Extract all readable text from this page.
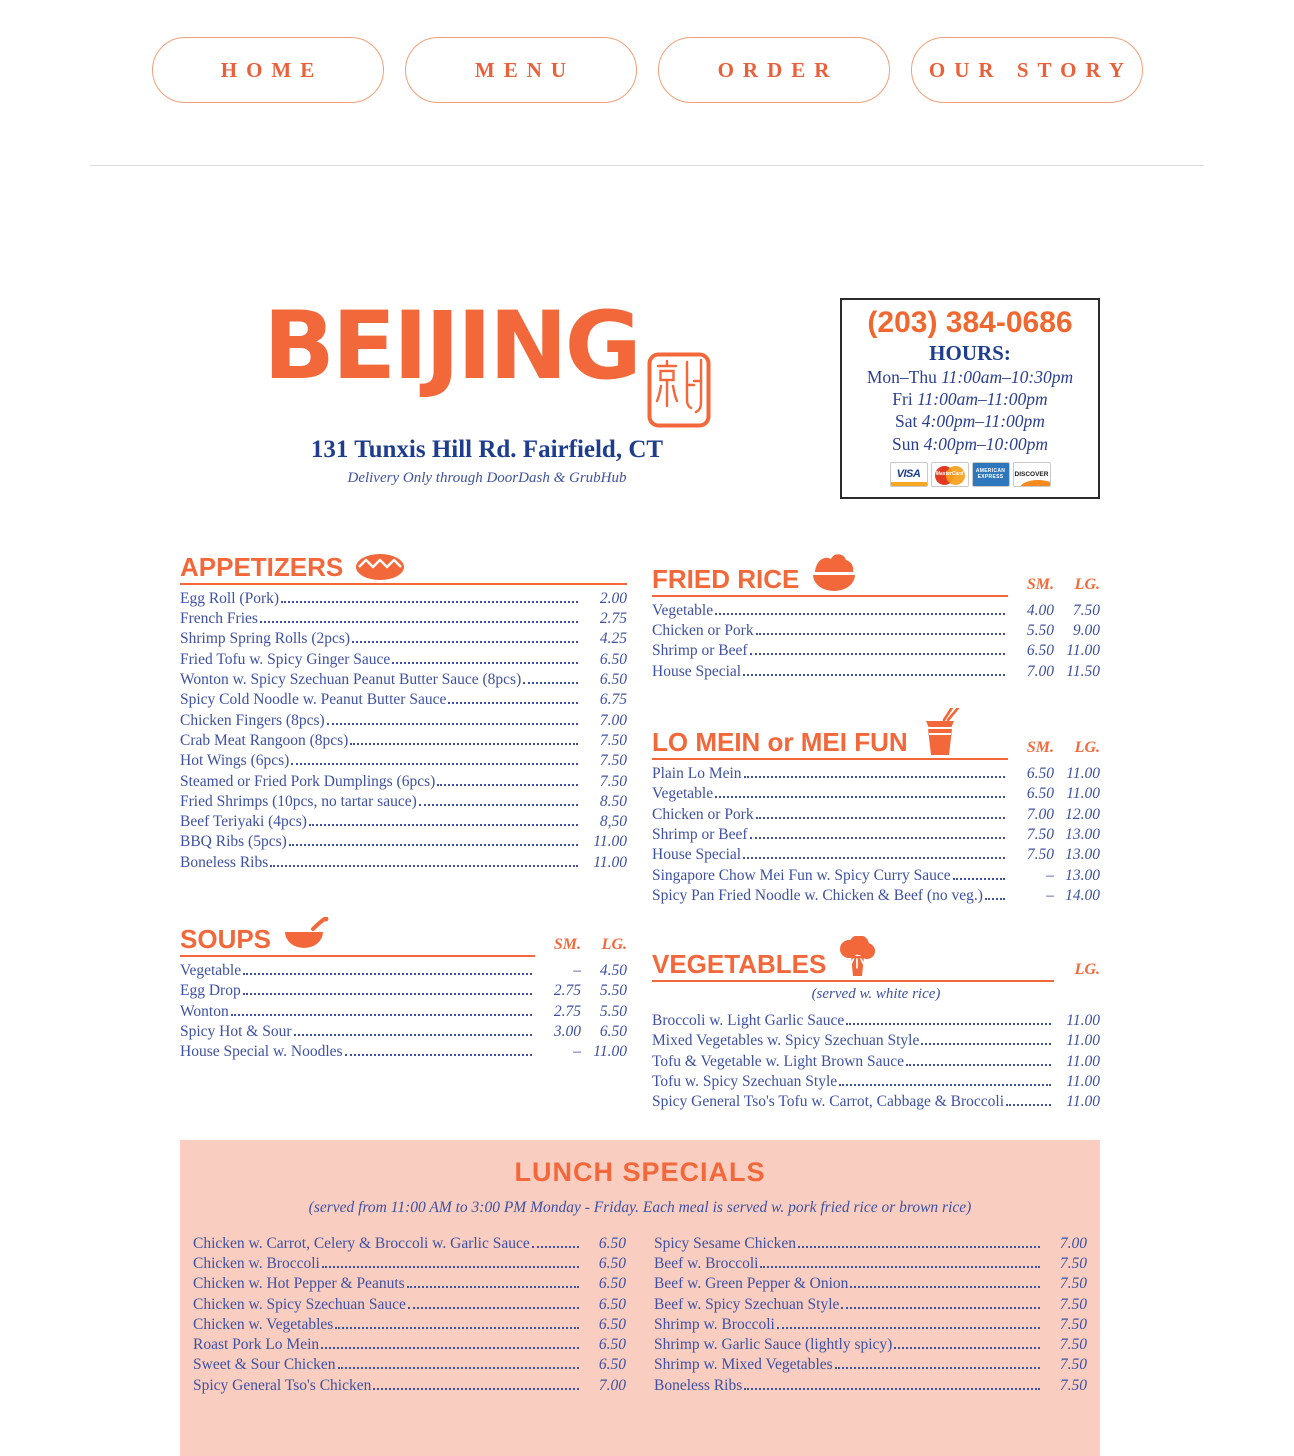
HOME	MENU	ORDER	OUR STORY
BEIJING
131 Tunxis Hill Rd. Fairfield, CT
Delivery Only through DoorDash & GrubHub
(203) 384-0686
HOURS:
Mon–Thu 11:00am–10:30pm
Fri 11:00am–11:00pm
Sat 4:00pm–11:00pm
Sun 4:00pm–10:00pm
VISA	MasterCard	AMERICAN EXPRESS	DISCOVER
APPETIZERS
Egg Roll (Pork)	2.00
French Fries	2.75
Shrimp Spring Rolls (2pcs)	4.25
Fried Tofu w. Spicy Ginger Sauce	6.50
Wonton w. Spicy Szechuan Peanut Butter Sauce (8pcs)	6.50
Spicy Cold Noodle w. Peanut Butter Sauce	6.75
Chicken Fingers (8pcs)	7.00
Crab Meat Rangoon (8pcs)	7.50
Hot Wings (6pcs)	7.50
Steamed or Fried Pork Dumplings (6pcs)	7.50
Fried Shrimps (10pcs, no tartar sauce)	8.50
Beef Teriyaki (4pcs)	8,50
BBQ Ribs (5pcs)	11.00
Boneless Ribs	11.00
SOUPS	SM.	LG.
Vegetable	–	4.50
Egg Drop	2.75	5.50
Wonton	2.75	5.50
Spicy Hot & Sour	3.00	6.50
House Special w. Noodles	– 11.00
FRIED RICE	SM.	LG.
Vegetable	4.00	7.50
Chicken or Pork	5.50	9.00
Shrimp or Beef	6.50 11.00
House Special	7.00 11.50
LO MEIN or MEI FUN	SM.	LG.
Plain Lo Mein	6.50 11.00
Vegetable	6.50 11.00
Chicken or Pork	7.00 12.00
Shrimp or Beef	7.50 13.00
House Special	7.50 13.00
Singapore Chow Mei Fun w. Spicy Curry Sauce	– 13.00
Spicy Pan Fried Noodle w. Chicken & Beef (no veg.)	– 14.00
VEGETABLES	LG.
(served w. white rice)
Broccoli w. Light Garlic Sauce	11.00
Mixed Vegetables w. Spicy Szechuan Style	11.00
Tofu & Vegetable w. Light Brown Sauce	11.00
Tofu w. Spicy Szechuan Style	11.00
Spicy General Tso's Tofu w. Carrot, Cabbage & Broccoli	11.00
LUNCH SPECIALS
(served from 11:00 AM to 3:00 PM Monday - Friday. Each meal is served w. pork fried rice or brown rice)
Chicken w. Carrot, Celery & Broccoli w. Garlic Sauce	6.50
Chicken w. Broccoli	6.50
Chicken w. Hot Pepper & Peanuts	6.50
Chicken w. Spicy Szechuan Sauce	6.50
Chicken w. Vegetables	6.50
Roast Pork Lo Mein	6.50
Sweet & Sour Chicken	6.50
Spicy General Tso's Chicken	7.00
Spicy Sesame Chicken	7.00
Beef w. Broccoli	7.50
Beef w. Green Pepper & Onion	7.50
Beef w. Spicy Szechuan Style	7.50
Shrimp w. Broccoli	7.50
Shrimp w. Garlic Sauce (lightly spicy)	7.50
Shrimp w. Mixed Vegetables	7.50
Boneless Ribs	7.50
